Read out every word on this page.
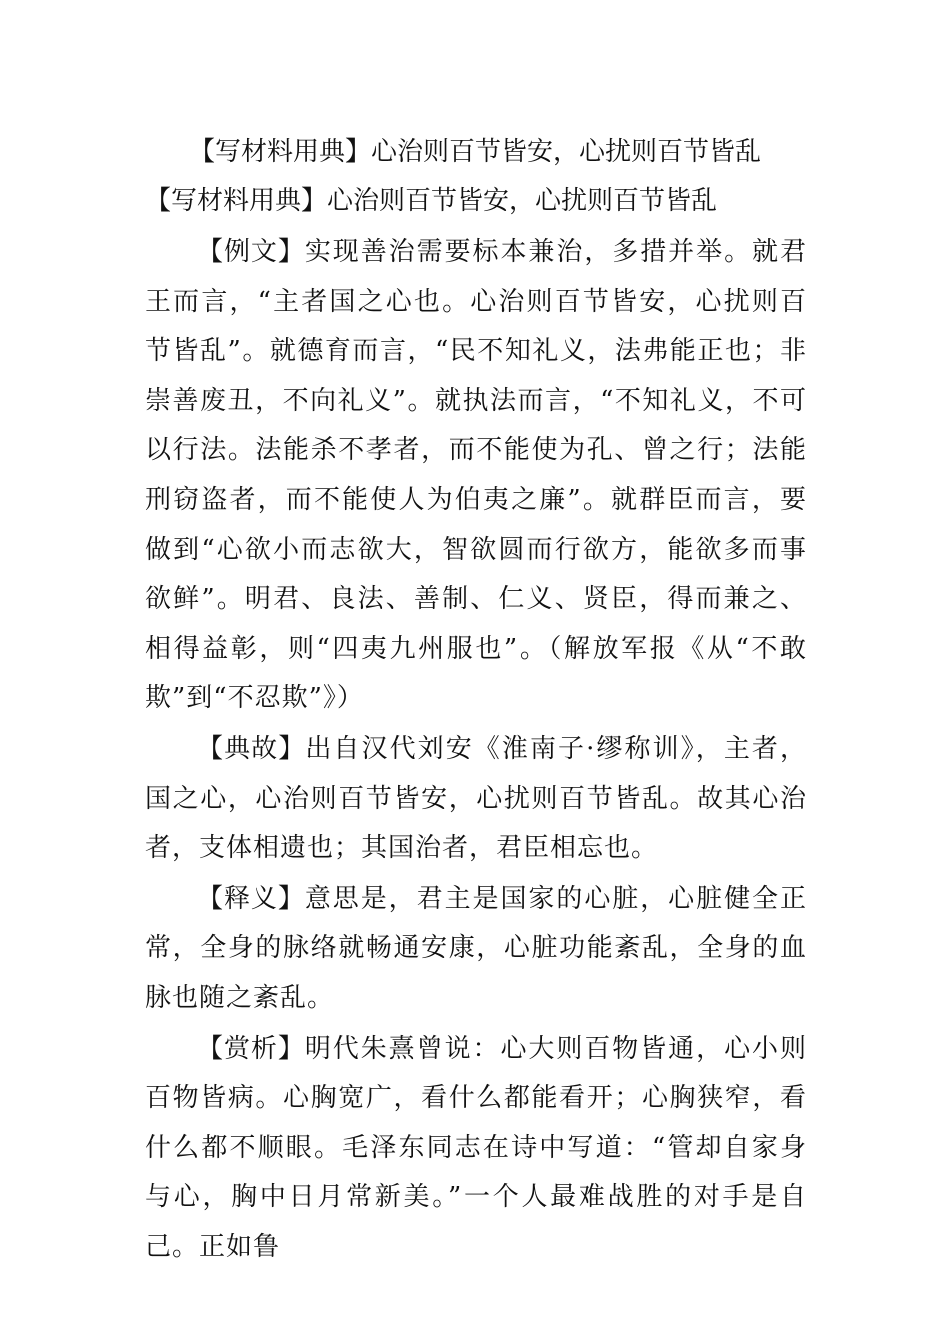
【写材料用典】心治则百节皆安，心扰则百节皆乱
【写材料用典】心治则百节皆安，心扰则百节皆乱

【例文】实现善治需要标本兼治，多措并举。就君王而言，“主者国之心也。心治则百节皆安，心扰则百节皆乱”。就德育而言，“民不知礼义，法弗能正也；非崇善废丑，不向礼义”。就执法而言，“不知礼义，不可以行法。法能杀不孝者，而不能使为孔、曾之行；法能刑窃盗者，而不能使人为伯夷之廉”。就群臣而言，要做到“心欲小而志欲大，智欲圆而行欲方，能欲多而事欲鲜”。明君、良法、善制、仁义、贤臣，得而兼之、相得益彰，则“四夷九州服也”。（解放军报《从“不敢欺”到“不忍欺”》）

【典故】出自汉代刘安《淮南子·缪称训》，主者，国之心，心治则百节皆安，心扰则百节皆乱。故其心治者，支体相遗也；其国治者，君臣相忘也。

【释义】意思是，君主是国家的心脏，心脏健全正常，全身的脉络就畅通安康，心脏功能紊乱，全身的血脉也随之紊乱。

【赏析】明代朱熹曾说：心大则百物皆通，心小则百物皆病。心胸宽广，看什么都能看开；心胸狭窄，看什么都不顺眼。毛泽东同志在诗中写道：“管却自家身与心，胸中日月常新美。”一个人最难战胜的对手是自己。正如鲁
